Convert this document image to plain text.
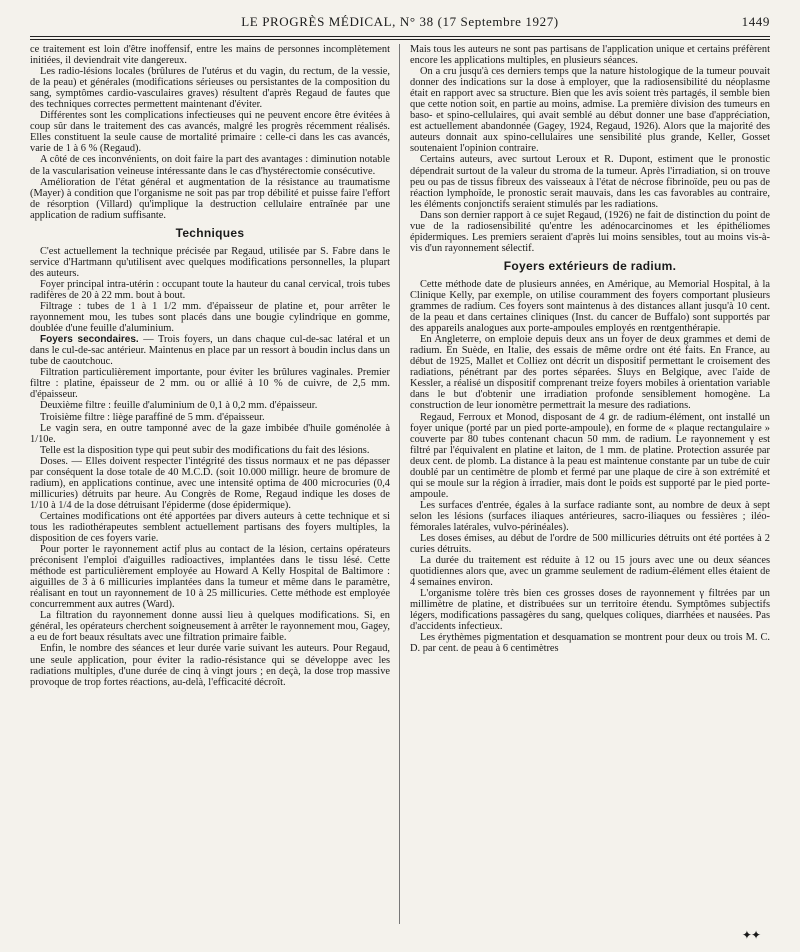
LE PROGRÈS MÉDICAL, N° 38 (17 Septembre 1927)	1449

ce traitement est loin d'être inoffensif, entre les mains de personnes incomplètement initiées, il deviendrait vite dangereux.

Les radio-lésions locales (brûlures de l'utérus et du vagin, du rectum, de la vessie, de la peau) et générales (modifications sérieuses ou persistantes de la composition du sang, symptômes cardio-vasculaires graves) résultent d'après Regaud de fautes que des techniques correctes permettent maintenant d'éviter.

Différentes sont les complications infectieuses qui ne peuvent encore être évitées à coup sûr dans le traitement des cas avancés, malgré les progrès récemment réalisés. Elles constituent la seule cause de mortalité primaire : celle-ci dans les cas avancés, varie de 1 à 6 % (Regaud).

A côté de ces inconvénients, on doit faire la part des avantages : diminution notable de la vascularisation veineuse intéressante dans le cas d'hystérectomie consécutive.

Amélioration de l'état général et augmentation de la résistance au traumatisme (Mayer) à condition que l'organisme ne soit pas par trop débilité et puisse faire l'effort de résorption (Villard) qu'implique la destruction cellulaire entraînée par une application de radium suffisante.

Techniques

C'est actuellement la technique précisée par Regaud, utilisée par S. Fabre dans le service d'Hartmann qu'utilisent avec quelques modifications personnelles, la plupart des auteurs.

Foyer principal intra-utérin : occupant toute la hauteur du canal cervical, trois tubes radifères de 20 à 22 mm. bout à bout.

Filtrage : tubes de 1 à 1 1/2 mm. d'épaisseur de platine et, pour arrêter le rayonnement mou, les tubes sont placés dans une bougie cylindrique en gomme, doublée d'une feuille d'aluminium.

Foyers secondaires. — Trois foyers, un dans chaque cul-de-sac latéral et un dans le cul-de-sac antérieur. Maintenus en place par un ressort à boudin inclus dans un tube de caoutchouc.

Filtration particulièrement importante, pour éviter les brûlures vaginales. Premier filtre : platine, épaisseur de 2 mm. ou or allié à 10 % de cuivre, de 2,5 mm. d'épaisseur.

Deuxième filtre : feuille d'aluminium de 0,1 à 0,2 mm. d'épaisseur.

Troisième filtre : liège paraffiné de 5 mm. d'épaisseur.

Le vagin sera, en outre tamponné avec de la gaze imbibée d'huile goménolée à 1/10e.

Telle est la disposition type qui peut subir des modifications du fait des lésions.

Doses. — Elles doivent respecter l'intégrité des tissus normaux et ne pas dépasser par conséquent la dose totale de 40 M.C.D. (soit 10.000 milligr. heure de bromure de radium), en applications continue, avec une intensité optima de 400 microcuries (0,4 millicuries) détruits par heure. Au Congrès de Rome, Regaud indique les doses de 1/10 à 1/4 de la dose détruisant l'épiderme (dose épidermique).

Certaines modifications ont été apportées par divers auteurs à cette technique et si tous les radiothérapeutes semblent actuellement partisans des foyers multiples, la disposition de ces foyers varie.

Pour porter le rayonnement actif plus au contact de la lésion, certains opérateurs préconisent l'emploi d'aiguilles radioactives, implantées dans le tissu lésé. Cette méthode est particulièrement employée au Howard A Kelly Hospital de Baltimore : aiguilles de 3 à 6 millicuries implantées dans la tumeur et même dans le paramètre, réalisant en tout un rayonnement de 10 à 25 millicuries. Cette méthode est employée concurremment aux autres (Ward).

La filtration du rayonnement donne aussi lieu à quelques modifications. Si, en général, les opérateurs cherchent soigneusement à arrêter le rayonnement mou, Gagey, a eu de fort beaux résultats avec une filtration primaire faible.

Enfin, le nombre des séances et leur durée varie suivant les auteurs. Pour Regaud, une seule application, pour éviter la radio-résistance qui se développe avec les radiations multiples, d'une durée de cinq à vingt jours ; en deçà, la dose trop massive provoque de trop fortes réactions, au-delà, l'efficacité décroît.

Mais tous les auteurs ne sont pas partisans de l'application unique et certains préfèrent encore les applications multiples, en plusieurs séances.

On a cru jusqu'à ces derniers temps que la nature histologique de la tumeur pouvait donner des indications sur la dose à employer, que la radiosensibilité du néoplasme était en rapport avec sa structure. Bien que les avis soient très partagés, il semble bien que cette notion soit, en partie au moins, admise. La première division des tumeurs en baso- et spino-cellulaires, qui avait semblé au début donner une base d'appréciation, est actuellement abandonnée (Gagey, 1924, Regaud, 1926). Alors que la majorité des auteurs donnait aux spino-cellulaires une sensibilité plus grande, Keller, Gosset soutenaient l'opinion contraire.

Certains auteurs, avec surtout Leroux et R. Dupont, estiment que le pronostic dépendrait surtout de la valeur du stroma de la tumeur. Après l'irradiation, si on trouve peu ou pas de tissus fibreux des vaisseaux à l'état de nécrose fibrinoïde, peu ou pas de réaction lymphoïde, le pronostic serait mauvais, dans les cas favorables au contraire, les éléments conjonctifs seraient stimulés par les radiations.

Dans son dernier rapport à ce sujet Regaud, (1926) ne fait de distinction du point de vue de la radiosensibilité qu'entre les adénocarcinomes et les épithéliomes épidermiques. Les premiers seraient d'après lui moins sensibles, tout au moins vis-à-vis d'un rayonnement sélectif.

Foyers extérieurs de radium.

Cette méthode date de plusieurs années, en Amérique, au Memorial Hospital, à la Clinique Kelly, par exemple, on utilise couramment des foyers comportant plusieurs grammes de radium. Ces foyers sont maintenus à des distances allant jusqu'à 10 cent. de la peau et dans certaines cliniques (Inst. du cancer de Buffalo) sont supportés par des appareils analogues aux porte-ampoules employés en rœntgenthérapie.

En Angleterre, on emploie depuis deux ans un foyer de deux grammes et demi de radium. En Suède, en Italie, des essais de même ordre ont été faits. En France, au début de 1925, Mallet et Colliez ont décrit un dispositif permettant le croisement des radiations, pénétrant par des portes séparées. Sluys en Belgique, avec l'aide de Kessler, a réalisé un dispositif comprenant treize foyers mobiles à orientation variable dans le but d'obtenir une irradiation profonde sensiblement homogène. La construction de leur ionomètre permettrait la mesure des radiations.

Regaud, Ferroux et Monod, disposant de 4 gr. de radium-élément, ont installé un foyer unique (porté par un pied porte-ampoule), en forme de « plaque rectangulaire » couverte par 80 tubes contenant chacun 50 mm. de radium. Le rayonnement γ est filtré par l'équivalent en platine et laiton, de 1 mm. de platine. Protection assurée par deux cent. de plomb. La distance à la peau est maintenue constante par un tube de cuir doublé par un centimètre de plomb et fermé par une plaque de cire à son extrémité et qui se moule sur la région à irradier, mais dont le poids est supporté par le pied porte-ampoule.

Les surfaces d'entrée, égales à la surface radiante sont, au nombre de deux à sept selon les lésions (surfaces iliaques antérieures, sacro-iliaques ou fessières ; iléo-fémorales latérales, vulvo-périnéales).

Les doses émises, au début de l'ordre de 500 millicuries détruits ont été portées à 2 curies détruits.

La durée du traitement est réduite à 12 ou 15 jours avec une ou deux séances quotidiennes alors que, avec un gramme seulement de radium-élément elles étaient de 4 semaines environ.

L'organisme tolère très bien ces grosses doses de rayonnement γ filtrées par un millimètre de platine, et distribuées sur un territoire étendu. Symptômes subjectifs légers, modifications passagères du sang, quelques coliques, diarrhées et nausées. Pas d'accidents infectieux.

Les érythèmes pigmentation et desquamation se montrent pour deux ou trois M. C. D. par cent. de peau à 6 centimètres

✦✦
